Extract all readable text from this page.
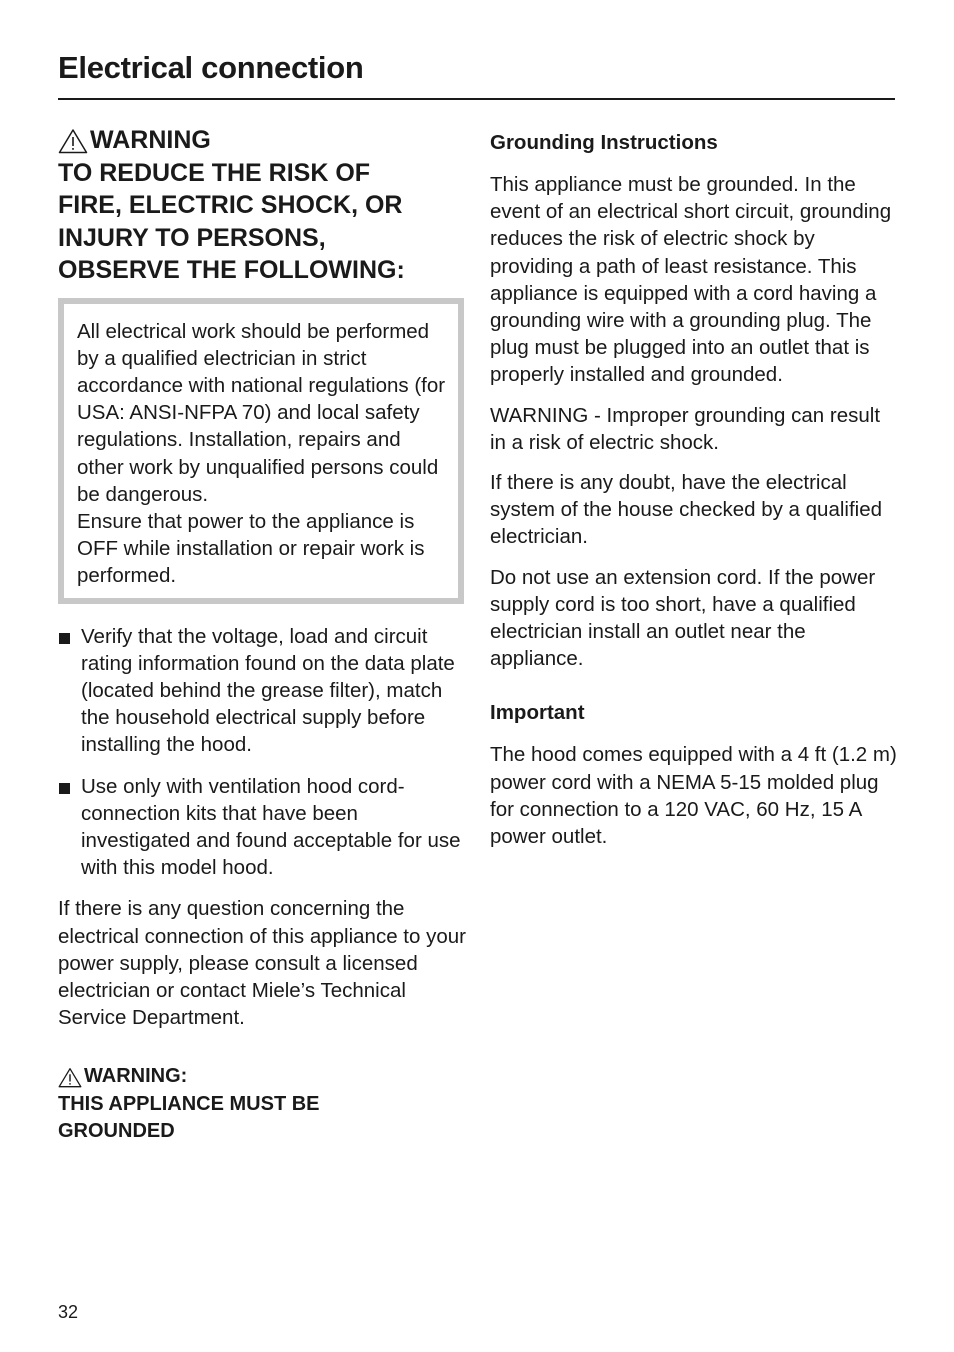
Electrical connection
WARNING
TO REDUCE THE RISK OF
FIRE, ELECTRIC SHOCK, OR
INJURY TO PERSONS,
OBSERVE THE FOLLOWING:

All electrical work should be performed by a qualified electrician in strict accordance with national regulations (for USA: ANSI-NFPA 70) and local safety regulations. Installation, repairs and other work by unqualified persons could be dangerous.

Ensure that power to the appliance is OFF while installation or repair work is performed.

Verify that the voltage, load and circuit rating information found on the data plate (located behind the grease filter), match the household electrical supply before installing the hood.
Use only with ventilation hood cord-connection kits that have been investigated and found acceptable for use with this model hood.

If there is any question concerning the electrical connection of this appliance to your power supply, please consult a licensed electrician or contact Miele’s Technical Service Department.

WARNING:

THIS APPLIANCE MUST BE

GROUNDED

Grounding Instructions

This appliance must be grounded. In the event of an electrical short circuit, grounding reduces the risk of electric shock by providing a path of least resistance. This appliance is equipped with a cord having a grounding wire with a grounding plug. The plug must be plugged into an outlet that is properly installed and grounded.

WARNING - Improper grounding can result in a risk of electric shock.

If there is any doubt, have the electrical system of the house checked by a qualified electrician.

Do not use an extension cord. If the power supply cord is too short, have a qualified electrician install an outlet near the appliance.

Important

The hood comes equipped with a 4 ft (1.2 m) power cord with a NEMA 5-15 molded plug for connection to a 120 VAC, 60 Hz, 15 A power outlet.

32
